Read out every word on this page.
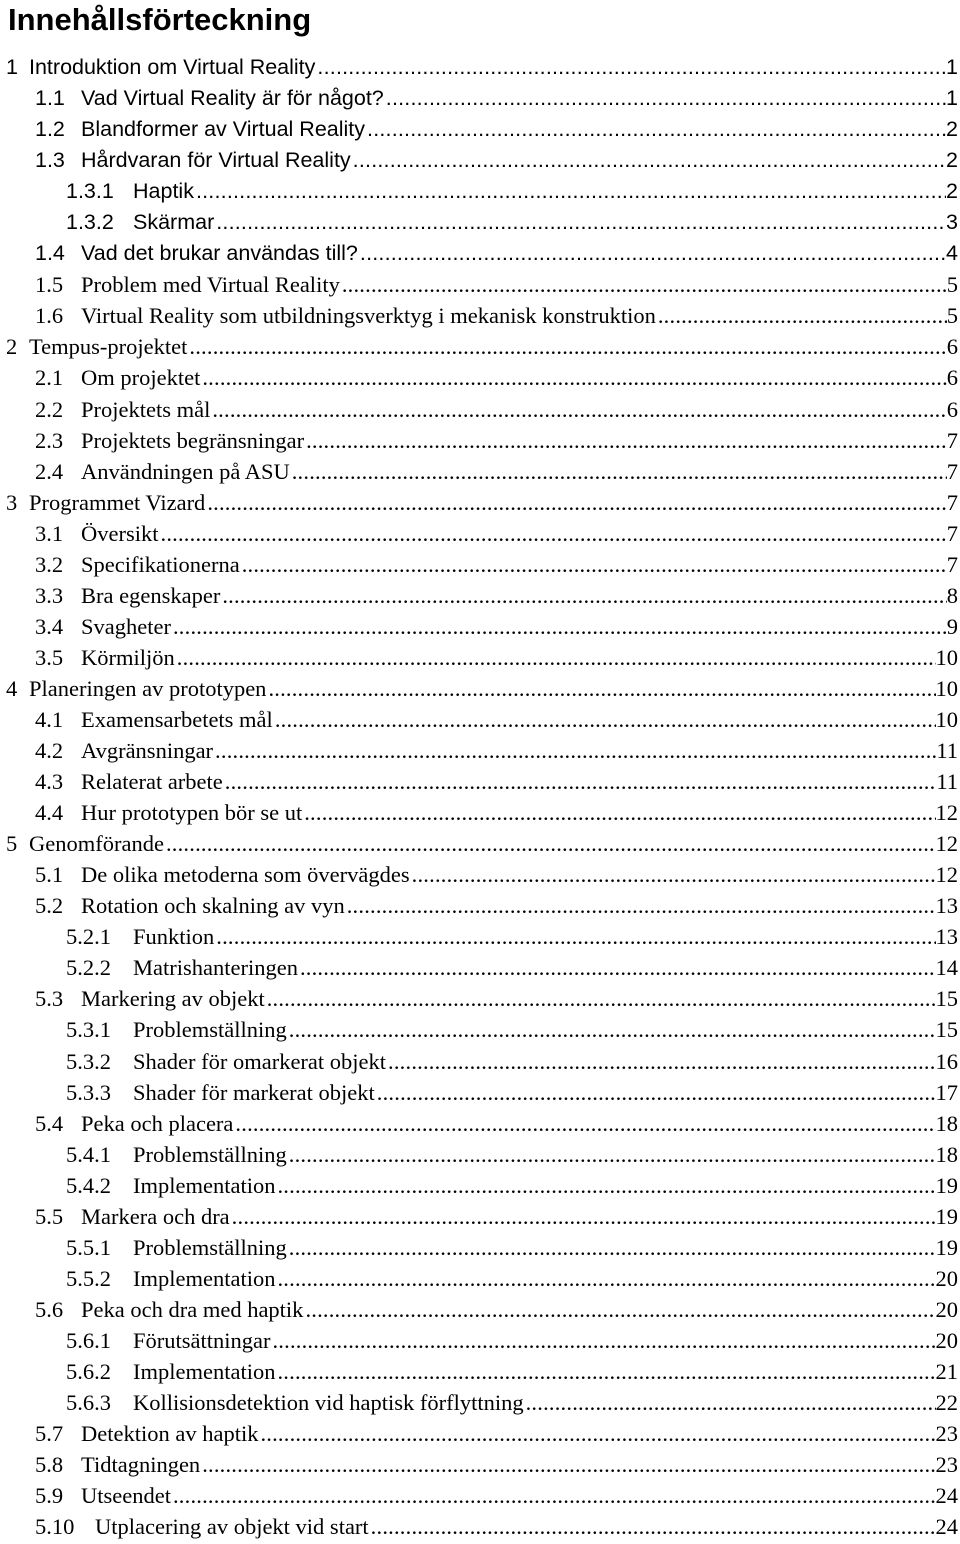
Innehållsförteckning
1 Introduktion om Virtual Reality .....	1
1.1 Vad Virtual Reality är för något? .....	1
1.2 Blandformer av Virtual Reality .....	2
1.3 Hårdvaran för Virtual Reality .....	2
1.3.1 Haptik .....	2
1.3.2 Skärmar .....	3
1.4 Vad det brukar användas till? .....	4
1.5 Problem med Virtual Reality .....	5
1.6 Virtual Reality som utbildningsverktyg i mekanisk konstruktion .....	5
2 Tempus-projektet .....	6
2.1 Om projektet .....	6
2.2 Projektets mål .....	6
2.3 Projektets begränsningar .....	7
2.4 Användningen på ASU .....	7
3 Programmet Vizard .....	7
3.1 Översikt .....	7
3.2 Specifikationerna .....	7
3.3 Bra egenskaper .....	8
3.4 Svagheter .....	9
3.5 Körmiljön .....	10
4 Planeringen av prototypen .....	10
4.1 Examensarbetets mål .....	10
4.2 Avgränsningar .....	11
4.3 Relaterat arbete .....	11
4.4 Hur prototypen bör se ut .....	12
5 Genomförande .....	12
5.1 De olika metoderna som övervägdes .....	12
5.2 Rotation och skalning av vyn .....	13
5.2.1 Funktion .....	13
5.2.2 Matrishanteringen .....	14
5.3 Markering av objekt .....	15
5.3.1 Problemställning .....	15
5.3.2 Shader för omarkerat objekt .....	16
5.3.3 Shader för markerat objekt .....	17
5.4 Peka och placera .....	18
5.4.1 Problemställning .....	18
5.4.2 Implementation .....	19
5.5 Markera och dra .....	19
5.5.1 Problemställning .....	19
5.5.2 Implementation .....	20
5.6 Peka och dra med haptik .....	20
5.6.1 Förutsättningar .....	20
5.6.2 Implementation .....	21
5.6.3 Kollisionsdetektion vid haptisk förflyttning .....	22
5.7 Detektion av haptik .....	23
5.8 Tidtagningen .....	23
5.9 Utseendet .....	24
5.10 Utplacering av objekt vid start .....	24
